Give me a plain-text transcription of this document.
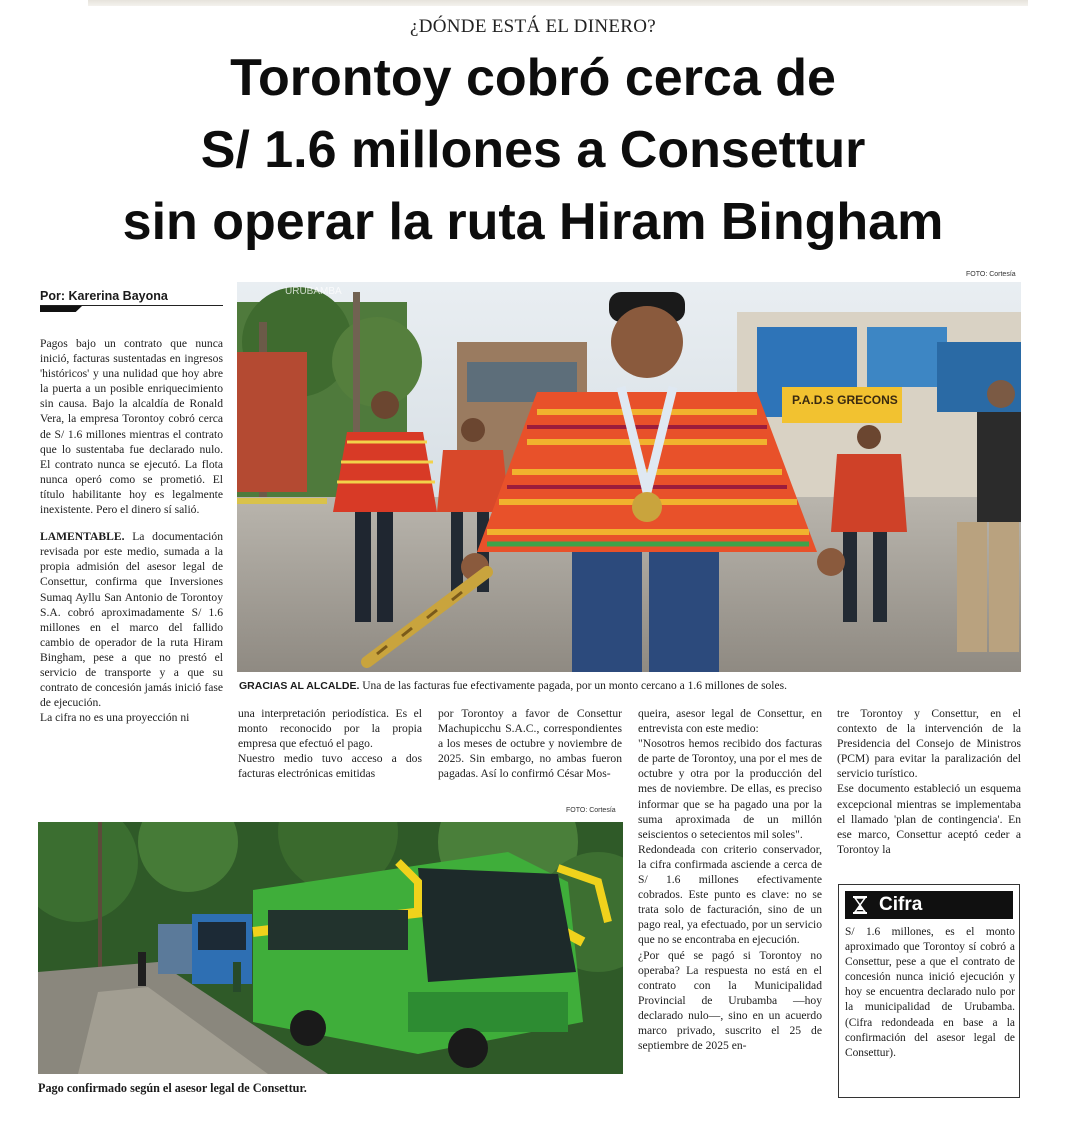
¿DÓNDE ESTÁ EL DINERO?
Torontoy cobró cerca de
S/ 1.6 millones a Consettur
sin operar la ruta Hiram Bingham
FOTO: Cortesía
Por: Karerina Bayona

Pagos bajo un contrato que nunca inició, facturas sustentadas en ingresos 'históricos' y una nulidad que hoy abre la puerta a un posible enriquecimiento sin causa. Bajo la alcaldía de Ronald Vera, la empresa Torontoy cobró cerca de S/ 1.6 millones mientras el contrato que lo sustentaba fue declarado nulo. El contrato nunca se ejecutó. La flota nunca operó como se prometió. El título habilitante hoy es legalmente inexistente. Pero el dinero sí salió.

LAMENTABLE. La documentación revisada por este medio, sumada a la propia admisión del asesor legal de Consettur, confirma que Inversiones Sumaq Ayllu San Antonio de Torontoy S.A. cobró aproximadamente S/ 1.6 millones en el marco del fallido cambio de operador de la ruta Hiram Bingham, pese a que no prestó el servicio de transporte y a que su contrato de concesión jamás inició fase de ejecución.

La cifra no es una proyección ni

P.A.D.S GRECONS
URUBAMBA
GRACIAS AL ALCALDE. Una de las facturas fue efectivamente pagada, por un monto cercano a 1.6 millones de soles.
una interpretación periodística. Es el monto reconocido por la propia empresa que efectuó el pago.
Nuestro medio tuvo acceso a dos facturas electrónicas emitidas
por Torontoy a favor de Consettur Machupicchu S.A.C., correspondientes a los meses de octubre y noviembre de 2025. Sin embargo, no ambas fueron pagadas. Así lo confirmó César Mos-
FOTO: Cortesía
Pago confirmado según el asesor legal de Consettur.

queira, asesor legal de Consettur, en entrevista con este medio:

"Nosotros hemos recibido dos facturas de parte de Torontoy, una por el mes de octubre y otra por la producción del mes de noviembre. De ellas, es preciso informar que se ha pagado una por la suma aproximada de un millón seiscientos o setecientos mil soles".

Redondeada con criterio conservador, la cifra confirmada asciende a cerca de S/ 1.6 millones efectivamente cobrados. Este punto es clave: no se trata solo de facturación, sino de un pago real, ya efectuado, por un servicio que no se encontraba en ejecución.

¿Por qué se pagó si Torontoy no operaba? La respuesta no está en el contrato con la Municipalidad Provincial de Urubamba —hoy declarado nulo—, sino en un acuerdo marco privado, suscrito el 25 de septiembre de 2025 en-

tre Torontoy y Consettur, en el contexto de la intervención de la Presidencia del Consejo de Ministros (PCM) para evitar la paralización del servicio turístico.

Ese documento estableció un esquema excepcional mientras se implementaba el llamado 'plan de contingencia'. En ese marco, Consettur aceptó ceder a Torontoy la

Cifra
S/ 1.6 millones, es el monto aproximado que Torontoy sí cobró a Consettur, pese a que el contrato de concesión nunca inició ejecución y hoy se encuentra declarado nulo por la municipalidad de Urubamba. (Cifra redondeada en base a la confirmación del asesor legal de Consettur).
